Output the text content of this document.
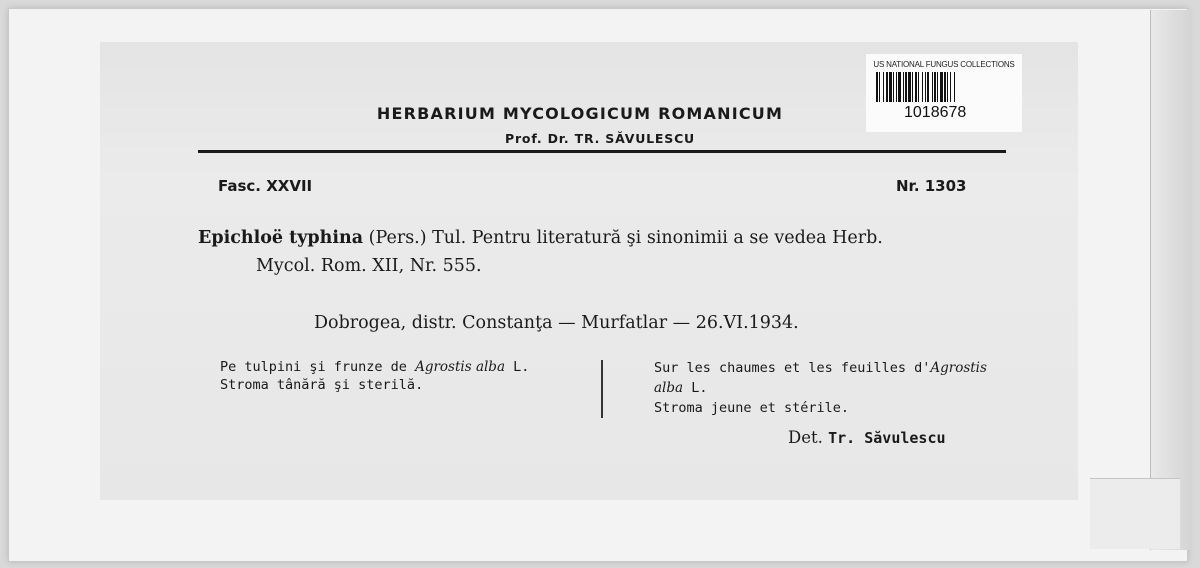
US NATIONAL FUNGUS COLLECTIONS
1018678
HERBARIUM MYCOLOGICUM ROMANICUM
Prof. Dr. TR. SĂVULESCU
Fasc. XXVII	Nr. 1303
Epichloë typhina (Pers.) Tul. Pentru literatură şi sinonimii a se vedea Herb.
Mycol. Rom. XII, Nr. 555.
Dobrogea, distr. Constanţa — Murfatlar — 26.VI.1934.
Pe tulpini şi frunze de Agrostis alba L.
Stroma tânără şi sterilă.
Sur les chaumes et les feuilles d'Agrostis
alba L.
Stroma jeune et stérile.
Det. Tr. Săvulescu
